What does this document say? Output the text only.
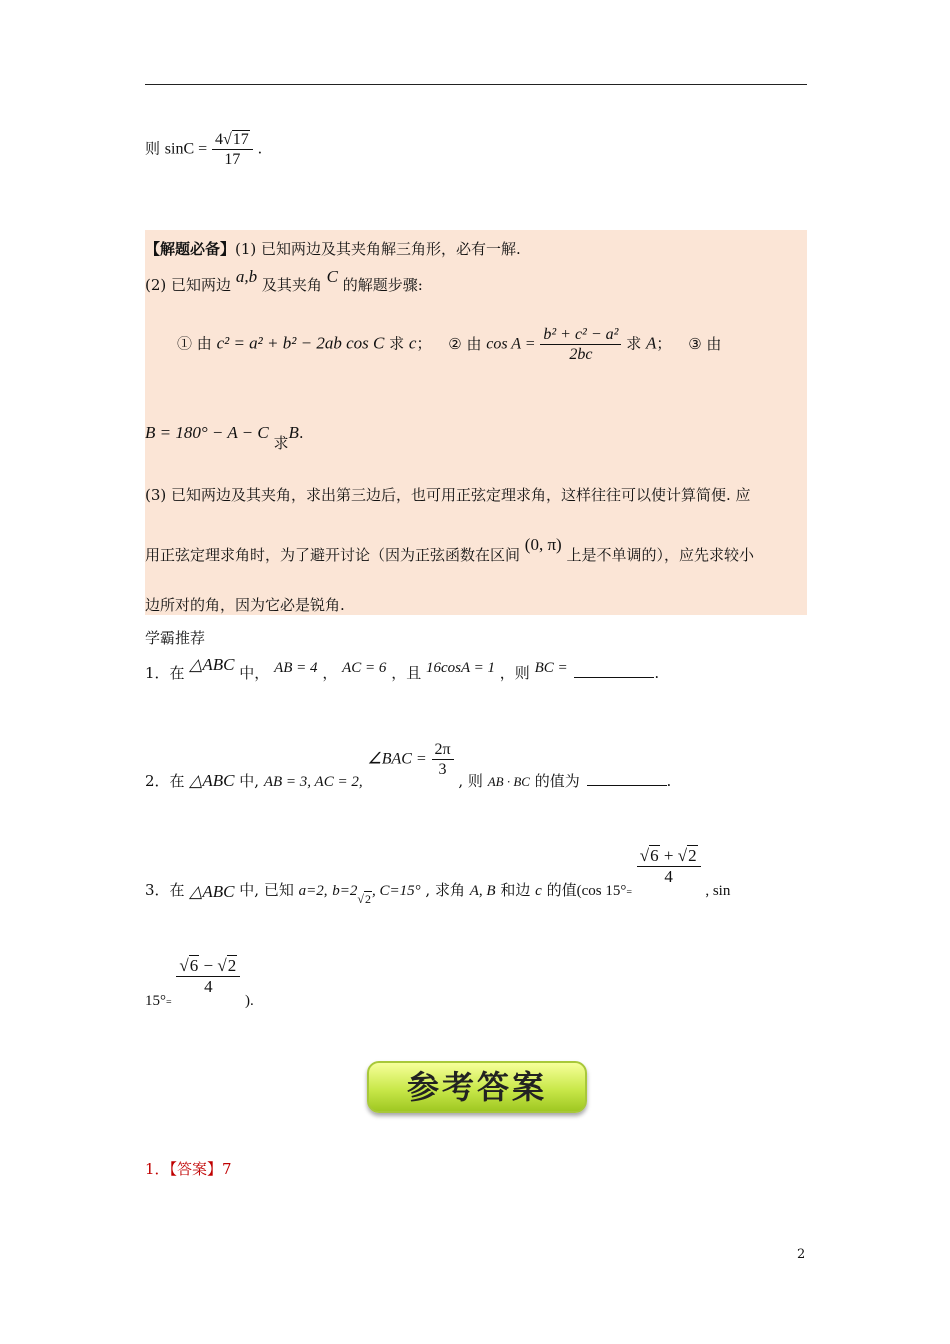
则 $\sin C = \frac{4√17}{17}$ .
【解题必备】(1) 已知两边及其夹角解三角形，必有一解.
(2) 已知两边 a,b 及其夹角 C 的解题步骤:
① 由 c² = a² + b² − 2ab cos C 求 c； ② 由 $\cos A = \frac{\text{b² + c² − a²}}{2bc}$ 求 A； ③ 由
B = 180° − A − C 求B.
(3) 已知两边及其夹角，求出第三边后，也可用正弦定理求角，这样往往可以使计算简便. 应
用正弦定理求角时，为了避开讨论（因为正弦函数在区间 (0, π) 上是不单调的），应先求较小
边所对的角，因为它必是锐角.
学霸推荐
1．在 △ABC 中， AB = 4 ， AC = 6 ，且 16cosA = 1 ，则 BC =	.
2．在 △ABC 中, AB = 3, AC = 2, ∠BAC = $\frac{2\pi}{3}$
, 则 AB · BC 的值为	.
3．在 △ABC 中, 已知 a=2, $b=2_{√2}$, C=15° , 求角 A, B 和边 c 的值(cos $15^\circ_=$
$\frac{√6 + √2}{4}$
, sin
$15^\circ_=$
$\frac{√6 - √2}{4}$
).
参考答案
1．【答案】7
2
